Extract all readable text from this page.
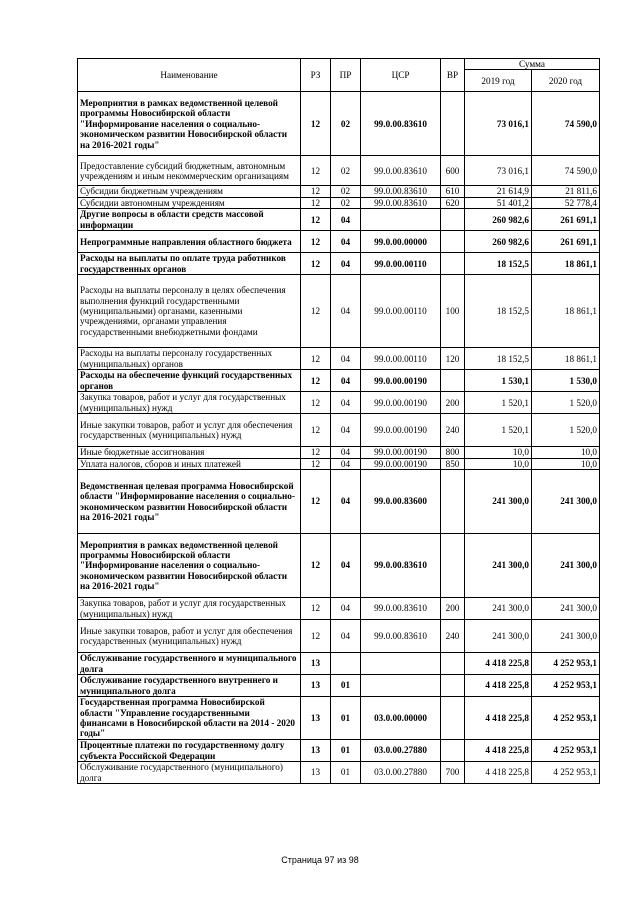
Наименование	РЗ	ПР	ЦСР	ВР	Сумма	
					2019 год	2020 год
Мероприятия в рамках ведомственной целевой программы Новосибирской области "Информирование населения о социально-экономическом развитии Новосибирской области на 2016-2021 годы"	12	02	99.0.00.83610		73 016,1	74 590,0
Предоставление субсидий бюджетным, автономным учреждениям и иным некоммерческим организациям	12	02	99.0.00.83610	600	73 016,1	74 590,0
Субсидии бюджетным учреждениям	12	02	99.0.00.83610	610	21 614,9	21 811,6
Субсидии автономным учреждениям	12	02	99.0.00.83610	620	51 401,2	52 778,4
Другие вопросы в области средств массовой информации	12	04			260 982,6	261 691,1
Непрограммные направления областного бюджета	12	04	99.0.00.00000		260 982,6	261 691,1
Расходы на выплаты по оплате труда работников государственных органов	12	04	99.0.00.00110		18 152,5	18 861,1
Расходы на выплаты персоналу в целях обеспечения выполнения функций государственными (муниципальными) органами, казенными учреждениями, органами управления государственными внебюджетными фондами	12	04	99.0.00.00110	100	18 152,5	18 861,1
Расходы на выплаты персоналу государственных (муниципальных) органов	12	04	99.0.00.00110	120	18 152,5	18 861,1
Расходы на обеспечение функций государственных органов	12	04	99.0.00.00190		1 530,1	1 530,0
Закупка товаров, работ и услуг для государственных (муниципальных) нужд	12	04	99.0.00.00190	200	1 520,1	1 520,0
Иные закупки товаров, работ и услуг для обеспечения государственных (муниципальных) нужд	12	04	99.0.00.00190	240	1 520,1	1 520,0
Иные бюджетные ассигнования	12	04	99.0.00.00190	800	10,0	10,0
Уплата налогов, сборов и иных платежей	12	04	99.0.00.00190	850	10,0	10,0
Ведомственная целевая программа Новосибирской области "Информирование населения о социально-экономическом развитии Новосибирской области на 2016-2021 годы"	12	04	99.0.00.83600		241 300,0	241 300,0
Мероприятия в рамках ведомственной целевой программы Новосибирской области "Информирование населения о социально-экономическом развитии Новосибирской области на 2016-2021 годы"	12	04	99.0.00.83610		241 300,0	241 300,0
Закупка товаров, работ и услуг для государственных (муниципальных) нужд	12	04	99.0.00.83610	200	241 300,0	241 300,0
Иные закупки товаров, работ и услуг для обеспечения государственных (муниципальных) нужд	12	04	99.0.00.83610	240	241 300,0	241 300,0
Обслуживание государственного и муниципального долга	13				4 418 225,8	4 252 953,1
Обслуживание государственного внутреннего и муниципального долга	13	01			4 418 225,8	4 252 953,1
Государственная программа Новосибирской области "Управление государственными финансами в Новосибирской области на 2014 - 2020 годы"	13	01	03.0.00.00000		4 418 225,8	4 252 953,1
Процентные платежи по государственному долгу субъекта Российской Федерации	13	01	03.0.00.27880		4 418 225,8	4 252 953,1
Обслуживание государственного (муниципального) долга	13	01	03.0.00.27880	700	4 418 225,8	4 252 953,1
Страница 97 из 98
